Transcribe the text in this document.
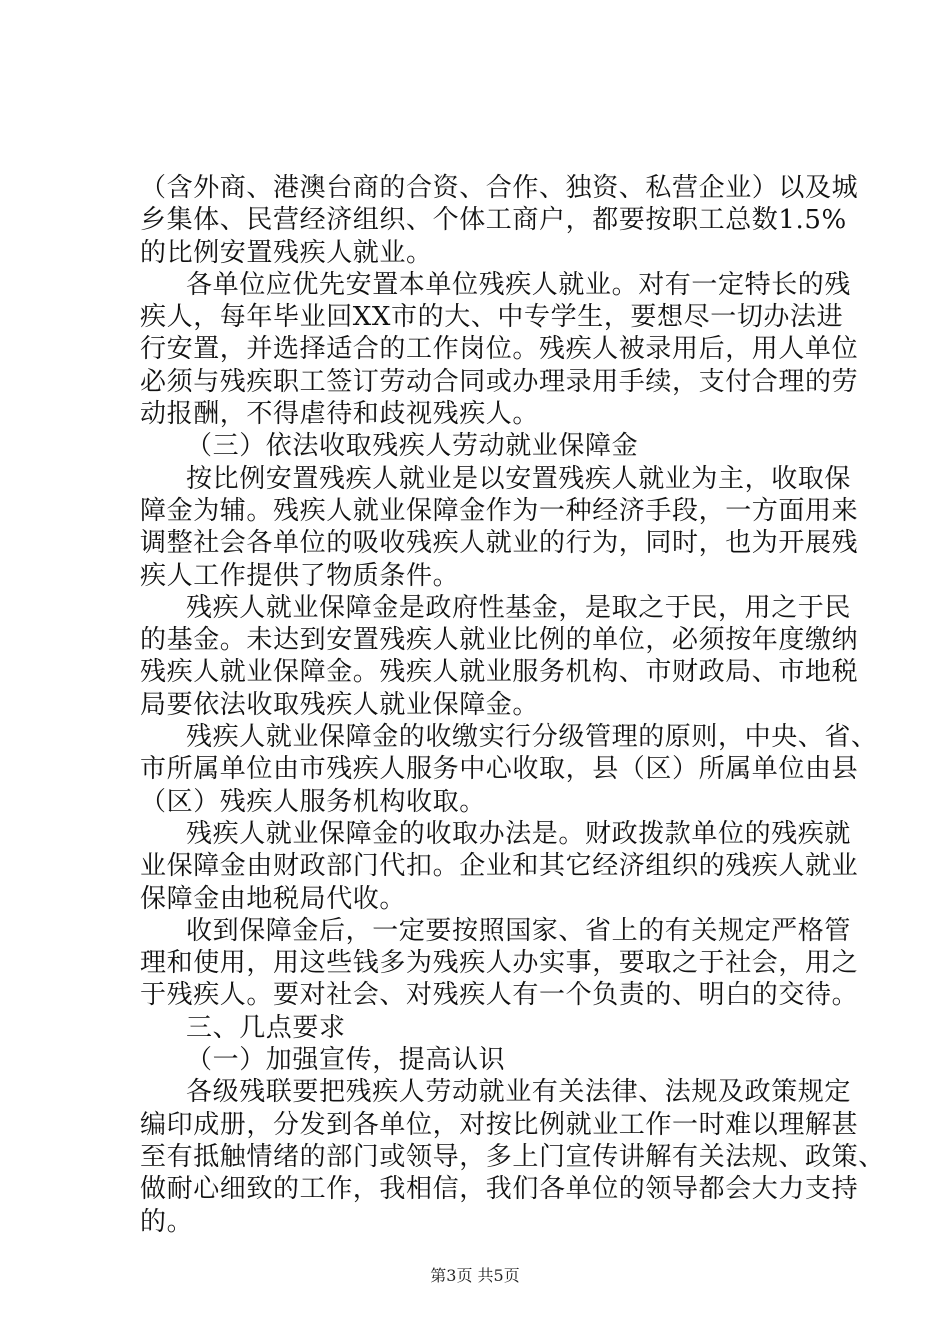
（含外商、港澳台商的合资、合作、独资、私营企业）以及城
乡集体、民营经济组织、个体工商户，都要按职工总数1.5%
的比例安置残疾人就业。
各单位应优先安置本单位残疾人就业。对有一定特长的残
疾人，每年毕业回XX市的大、中专学生，要想尽一切办法进
行安置，并选择适合的工作岗位。残疾人被录用后，用人单位
必须与残疾职工签订劳动合同或办理录用手续，支付合理的劳
动报酬，不得虐待和歧视残疾人。
（三）依法收取残疾人劳动就业保障金
按比例安置残疾人就业是以安置残疾人就业为主，收取保
障金为辅。残疾人就业保障金作为一种经济手段，一方面用来
调整社会各单位的吸收残疾人就业的行为，同时，也为开展残
疾人工作提供了物质条件。
残疾人就业保障金是政府性基金，是取之于民，用之于民
的基金。未达到安置残疾人就业比例的单位，必须按年度缴纳
残疾人就业保障金。残疾人就业服务机构、市财政局、市地税
局要依法收取残疾人就业保障金。
残疾人就业保障金的收缴实行分级管理的原则，中央、省、
市所属单位由市残疾人服务中心收取，县（区）所属单位由县
（区）残疾人服务机构收取。
残疾人就业保障金的收取办法是。财政拨款单位的残疾就
业保障金由财政部门代扣。企业和其它经济组织的残疾人就业
保障金由地税局代收。
收到保障金后，一定要按照国家、省上的有关规定严格管
理和使用，用这些钱多为残疾人办实事，要取之于社会，用之
于残疾人。要对社会、对残疾人有一个负责的、明白的交待。
三、几点要求
（一）加强宣传，提高认识
各级残联要把残疾人劳动就业有关法律、法规及政策规定
编印成册，分发到各单位，对按比例就业工作一时难以理解甚
至有抵触情绪的部门或领导，多上门宣传讲解有关法规、政策、
做耐心细致的工作，我相信，我们各单位的领导都会大力支持
的。
第3页 共5页
